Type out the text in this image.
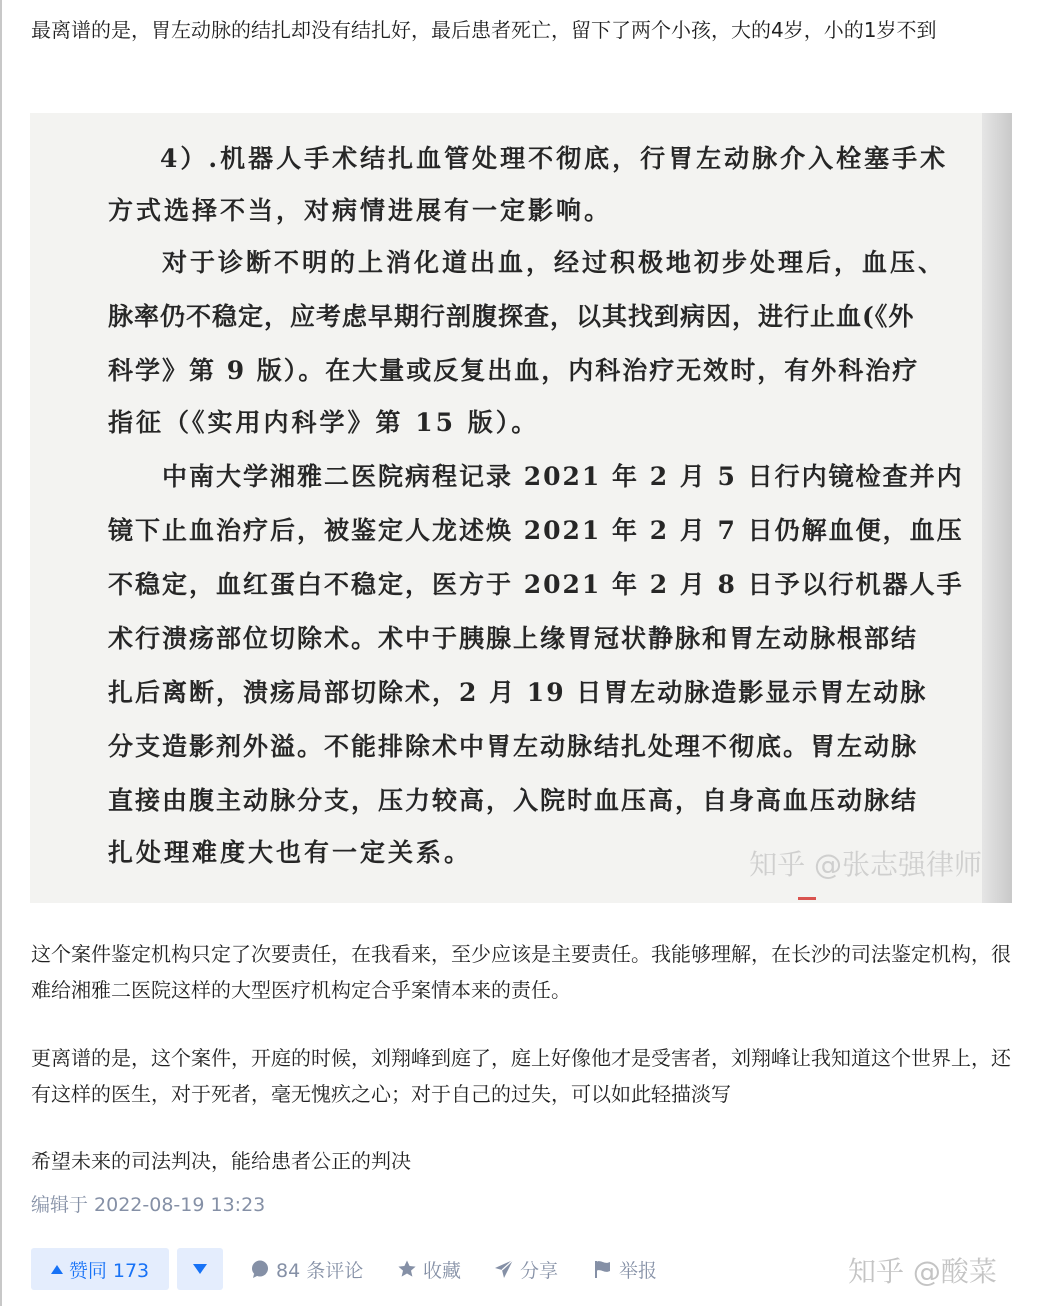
最离谱的是，胃左动脉的结扎却没有结扎好，最后患者死亡，留下了两个小孩，大的4岁，小的1岁不到

4）.机器人手术结扎血管处理不彻底，行胃左动脉介入栓塞手术
方式选择不当，对病情进展有一定影响。
对于诊断不明的上消化道出血，经过积极地初步处理后，血压、
脉率仍不稳定，应考虑早期行剖腹探查，以其找到病因，进行止血(《外
科学》第 9 版）。在大量或反复出血，内科治疗无效时，有外科治疗
指征（《实用内科学》第 15 版）。
中南大学湘雅二医院病程记录 2021 年 2 月 5 日行内镜检查并内
镜下止血治疗后，被鉴定人龙述焕 2021 年 2 月 7 日仍解血便，血压
不稳定，血红蛋白不稳定，医方于 2021 年 2 月 8 日予以行机器人手
术行溃疡部位切除术。术中于胰腺上缘胃冠状静脉和胃左动脉根部结
扎后离断，溃疡局部切除术，2 月 19 日胃左动脉造影显示胃左动脉
分支造影剂外溢。不能排除术中胃左动脉结扎处理不彻底。胃左动脉
直接由腹主动脉分支，压力较高，入院时血压高，自身高血压动脉结
扎处理难度大也有一定关系。	知乎 @张志强律师

这个案件鉴定机构只定了次要责任，在我看来，至少应该是主要责任。我能够理解，在长沙的司法鉴定机构，很难给湘雅二医院这样的大型医疗机构定合乎案情本来的责任。

更离谱的是，这个案件，开庭的时候，刘翔峰到庭了，庭上好像他才是受害者，刘翔峰让我知道这个世界上，还有这样的医生，对于死者，毫无愧疚之心；对于自己的过失，可以如此轻描淡写

希望未来的司法判决，能给患者公正的判决

编辑于 2022-08-19 13:23
赞同 173	84 条评论	收藏	分享	举报	知乎 @酸菜
